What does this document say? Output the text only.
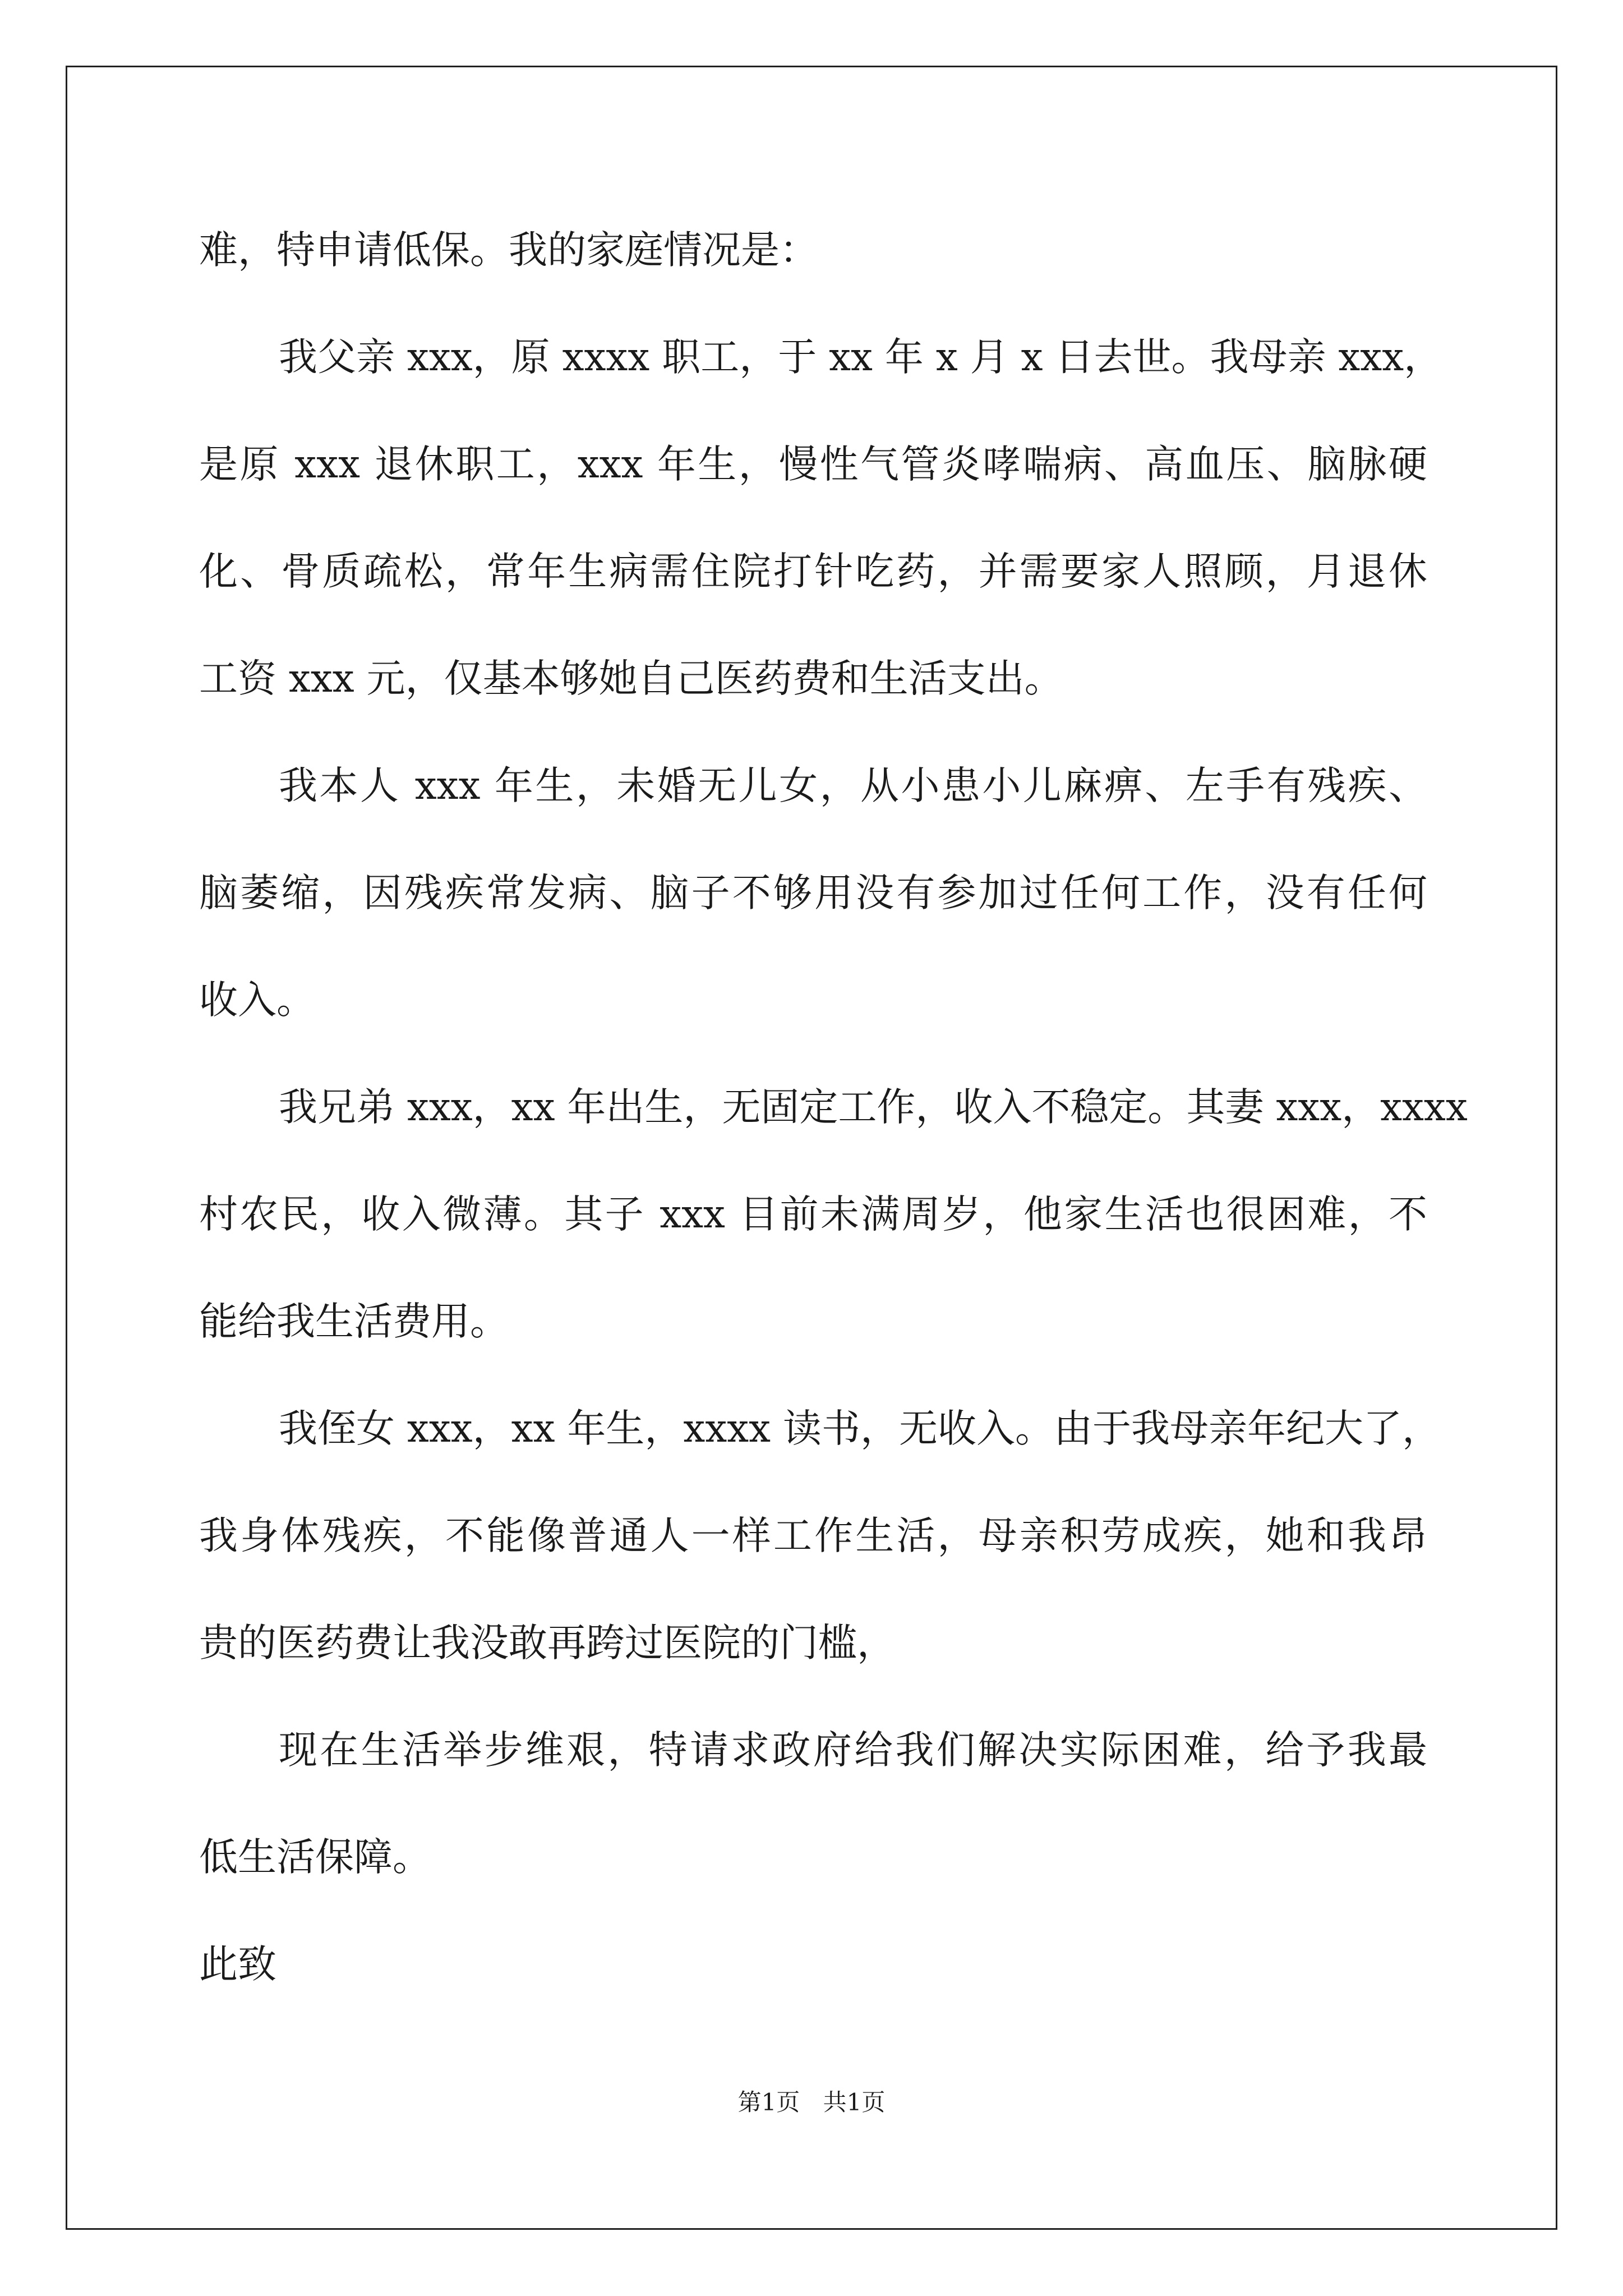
难，特申请低保。我的家庭情况是：
我父亲 xxx，原 xxxx 职工，于 xx 年 x 月 x 日去世。我母亲 xxx，
是原 xxx 退休职工，xxx 年生，慢性气管炎哮喘病、高血压、脑脉硬
化、骨质疏松，常年生病需住院打针吃药，并需要家人照顾，月退休
工资 xxx 元，仅基本够她自己医药费和生活支出。
我本人 xxx 年生，未婚无儿女，从小患小儿麻痹、左手有残疾、
脑萎缩，因残疾常发病、脑子不够用没有参加过任何工作，没有任何
收入。
我兄弟 xxx，xx 年出生，无固定工作，收入不稳定。其妻 xxx，xxxx
村农民，收入微薄。其子 xxx 目前未满周岁，他家生活也很困难，不
能给我生活费用。
我侄女 xxx，xx 年生，xxxx 读书，无收入。由于我母亲年纪大了，
我身体残疾，不能像普通人一样工作生活，母亲积劳成疾，她和我昂
贵的医药费让我没敢再跨过医院的门槛，
现在生活举步维艰，特请求政府给我们解决实际困难，给予我最
低生活保障。
此致
第1页 共1页
